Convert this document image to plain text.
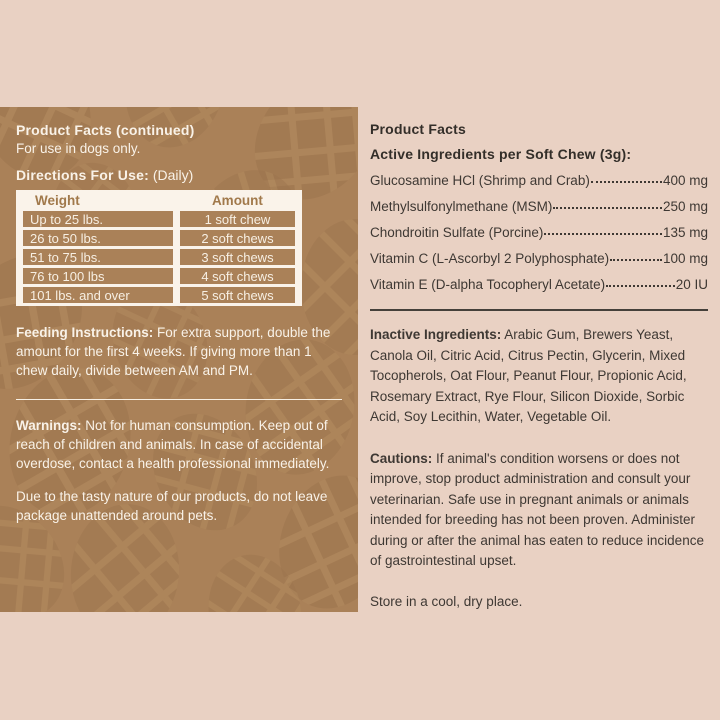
Product Facts (continued)
For use in dogs only.
Directions For Use: (Daily)
Weight	Amount
Up to 25 lbs.	1 soft chew
26 to 50 lbs.	2 soft chews
51 to 75 lbs.	3 soft chews
76 to 100 lbs	4 soft chews
101 lbs. and over	5 soft chews
Feeding Instructions: For extra support, double the amount for the first 4 weeks. If giving more than 1 chew daily, divide between AM and PM.
Warnings: Not for human consumption. Keep out of reach of children and animals. In case of accidental overdose, contact a health professional immediately.
Due to the tasty nature of our products, do not leave package unattended around pets.
Product Facts
Active Ingredients per Soft Chew (3g):
Glucosamine HCl (Shrimp and Crab)	400 mg
Methylsulfonylmethane (MSM)	250 mg
Chondroitin Sulfate (Porcine)	135 mg
Vitamin C (L-Ascorbyl 2 Polyphosphate)	100 mg
Vitamin E (D-alpha Tocopheryl Acetate)	20 IU
Inactive Ingredients: Arabic Gum, Brewers Yeast, Canola Oil, Citric Acid, Citrus Pectin, Glycerin, Mixed Tocopherols, Oat Flour, Peanut Flour, Propionic Acid, Rosemary Extract, Rye Flour, Silicon Dioxide, Sorbic Acid, Soy Lecithin, Water, Vegetable Oil.
Cautions: If animal's condition worsens or does not improve, stop product administration and consult your veterinarian. Safe use in pregnant animals or animals intended for breeding has not been proven. Administer during or after the animal has eaten to reduce incidence of gastrointestinal upset.
Store in a cool, dry place.
